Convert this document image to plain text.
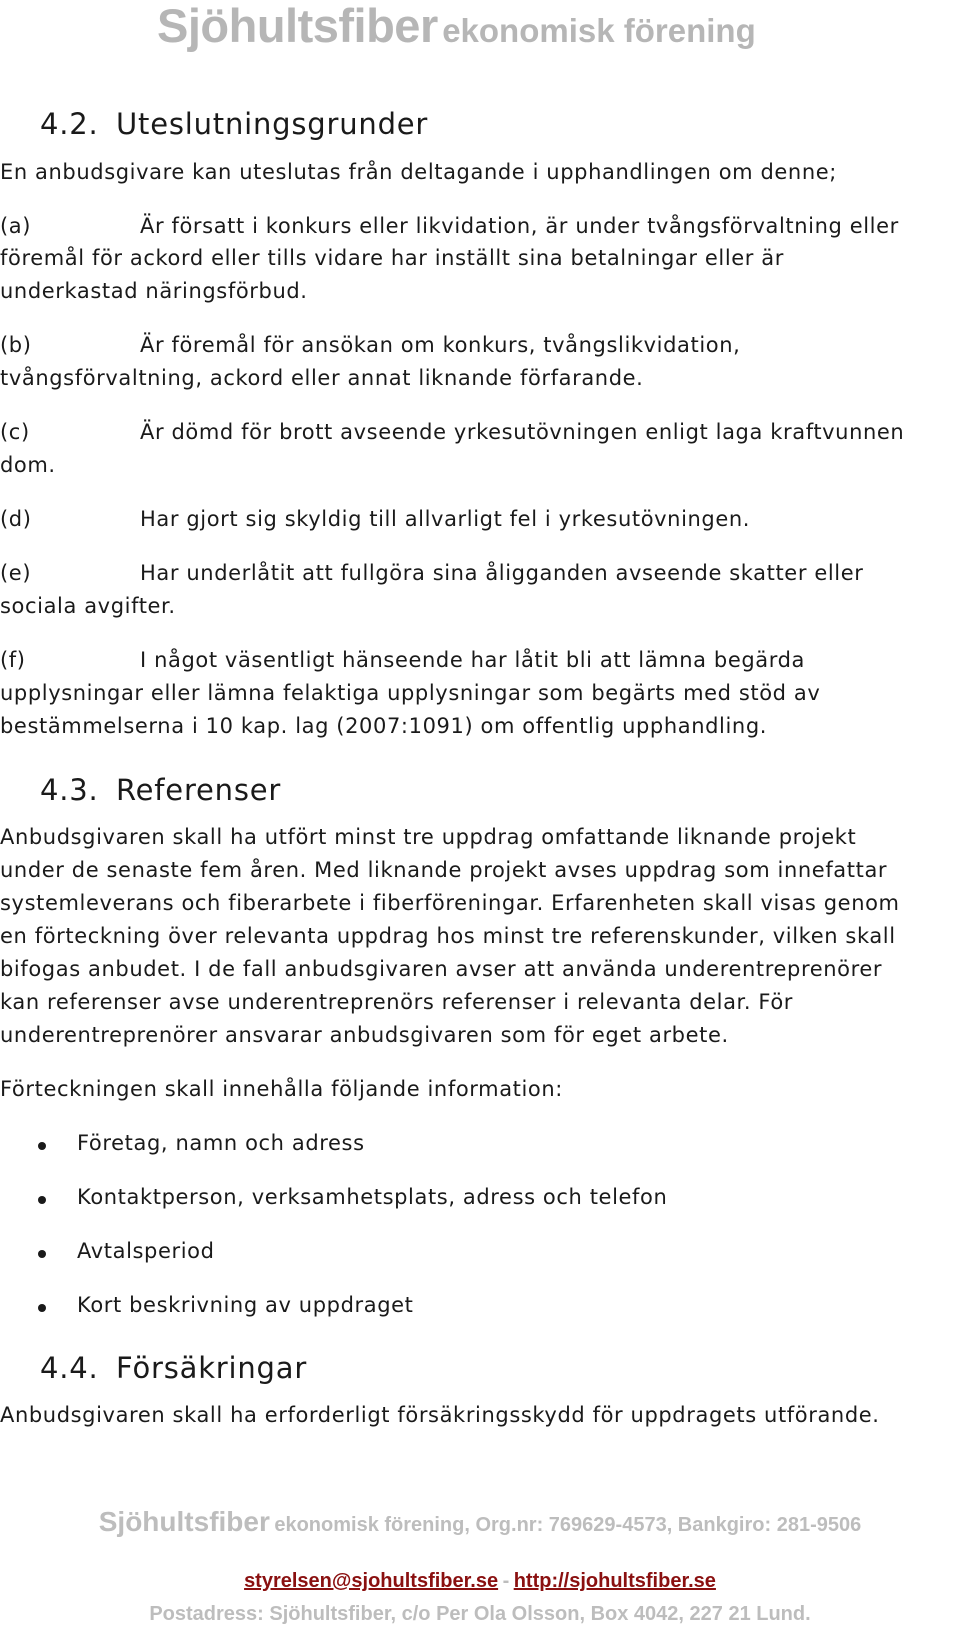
Sjöhultsfiber ekonomisk förening
4.2. Uteslutningsgrunder
En anbudsgivare kan uteslutas från deltagande i upphandlingen om denne;
(a)	Är försatt i konkurs eller likvidation, är under tvångsförvaltning eller
föremål för ackord eller tills vidare har inställt sina betalningar eller är
underkastad näringsförbud.
(b)	Är föremål för ansökan om konkurs, tvångslikvidation,
tvångsförvaltning, ackord eller annat liknande förfarande.
(c)	Är dömd för brott avseende yrkesutövningen enligt laga kraftvunnen
dom.
(d)	Har gjort sig skyldig till allvarligt fel i yrkesutövningen.
(e)	Har underlåtit att fullgöra sina åligganden avseende skatter eller
sociala avgifter.
(f)	I något väsentligt hänseende har låtit bli att lämna begärda
upplysningar eller lämna felaktiga upplysningar som begärts med stöd av
bestämmelserna i 10 kap. lag (2007:1091) om offentlig upphandling.
4.3. Referenser
Anbudsgivaren skall ha utfört minst tre uppdrag omfattande liknande projekt
under de senaste fem åren. Med liknande projekt avses uppdrag som innefattar
systemleverans och fiberarbete i fiberföreningar. Erfarenheten skall visas genom
en förteckning över relevanta uppdrag hos minst tre referenskunder, vilken skall
bifogas anbudet. I de fall anbudsgivaren avser att använda underentreprenörer
kan referenser avse underentreprenörs referenser i relevanta delar. För
underentreprenörer ansvarar anbudsgivaren som för eget arbete.
Förteckningen skall innehålla följande information:
Företag, namn och adress
Kontaktperson, verksamhetsplats, adress och telefon
Avtalsperiod
Kort beskrivning av uppdraget
4.4. Försäkringar
Anbudsgivaren skall ha erforderligt försäkringsskydd för uppdragets utförande.
Sjöhultsfiber ekonomisk förening, Org.nr: 769629-4573, Bankgiro: 281-9506
styrelsen@sjohultsfiber.se - http://sjohultsfiber.se
Postadress: Sjöhultsfiber, c/o Per Ola Olsson, Box 4042, 227 21 Lund.
